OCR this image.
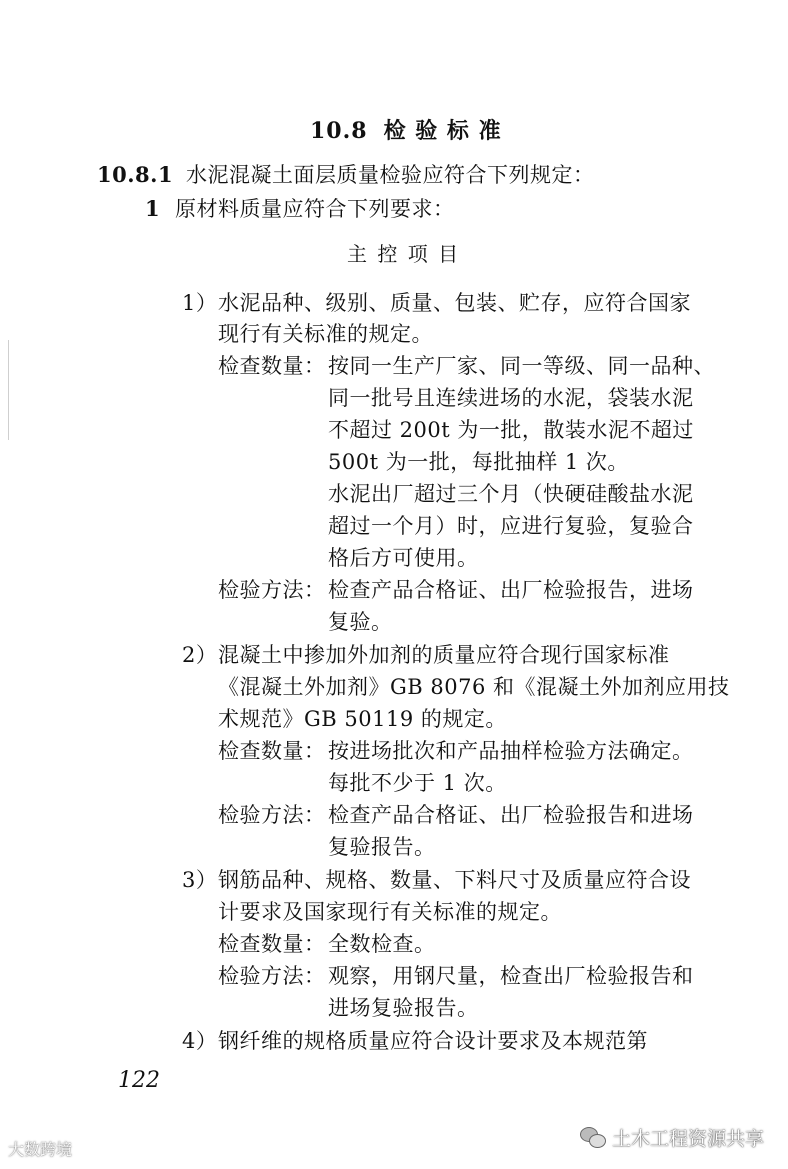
10.8 检 验 标 准
10.8.1 水泥混凝土面层质量检验应符合下列规定：
1 原材料质量应符合下列要求：
主 控 项 目
1） 水泥品种、级别、质量、包装、贮存，应符合国家
现行有关标准的规定。
检查数量： 按同一生产厂家、同一等级、同一品种、
同一批号且连续进场的水泥，袋装水泥
不超过 200t 为一批，散装水泥不超过
500t 为一批，每批抽样 1 次。
水泥出厂超过三个月（快硬硅酸盐水泥
超过一个月）时，应进行复验，复验合
格后方可使用。
检验方法： 检查产品合格证、出厂检验报告，进场
复验。
2） 混凝土中掺加外加剂的质量应符合现行国家标准
《混凝土外加剂》GB 8076 和《混凝土外加剂应用技
术规范》GB 50119 的规定。
检查数量： 按进场批次和产品抽样检验方法确定。
每批不少于 1 次。
检验方法： 检查产品合格证、出厂检验报告和进场
复验报告。
3） 钢筋品种、规格、数量、下料尺寸及质量应符合设
计要求及国家现行有关标准的规定。
检查数量： 全数检查。
检验方法： 观察，用钢尺量，检查出厂检验报告和
进场复验报告。
4） 钢纤维的规格质量应符合设计要求及本规范第
122
大数跨境	土木工程资源共享
